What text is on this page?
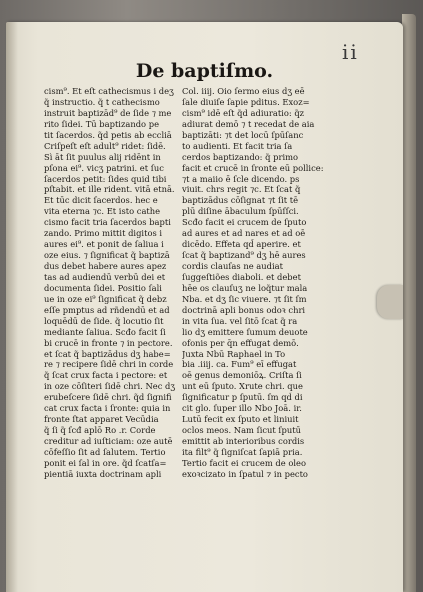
ii
De baptiſmo.
cism⁹. Et eſt cathecismus i deʒ
q̃ instructio. q̃ t cathecismo
instruit baptizād⁹ de ſide ⁊ me
rito ſidei. Tū baptizando pe
tit ſacerdos. q̃d petis ab eccliā
Criſpeſt eſt adult⁹ ridet: ſidē.
Sì āt ſit puulus alij ridēnt in
pſona ei⁹. vicʒ patrini. et ſuc
ſacerdos petit: ſides quid tibi
pſtabit. et ille rident. vitā etnā.
Et tūc dicit ſacerdos. hec e
vita eterna ⁊c. Et isto cathe
cismo facit tria ſacerdos bapti
zando. Primo mittit digitos i
aures ei⁹. et ponit de ſaliua i
oze eius. ⁊ ſignificat q̃ baptizā
dus debet habere aures apez
tas ad audiendū verbū dei et
documenta ſidei. Positio ſali
ue in oze ei⁹ ſignificat q̃ debz
eſſe pmptus ad rñdendū et ad
loquēdū de ſide. q̃ locutio ſit
mediante ſaliua. Scđo facit ſi
bi crucē in fronte ⁊ in pectore.
et ſcat q̃ baptizādus dʒ habe=
re ⁊ recipere ſidē chri in corde
q̃ ſcat crux facta i pectore: et
in oze cōſiteri ſidē chri. Nec dʒ
erubeſcere ſidē chri. q̃d ſignifi
cat crux facta i ſronte: quia in
fronte ſtat apparet Vecūdia
q̃ ſi q̃ ſcđ aplō Ro .r. Corde
creditur ad iuſticiam: oze autē
cōfeſſio ſit ad ſalutem. Tertio
ponit ei ſal in ore. q̃d ſcatſa=
pientiā iuxta doctrinam apli
Col. iiij. Oio ſermo eius dʒ eē
ſale diuiſe ſapie pditus. Exoz=
cism⁹ idē eſt q̃d adiuratio: q̃z
adiurat demō ⁊ t recedat de aia
baptizāti: ⁊t det locū ſpūſanc
to audienti. Et facit tria ſa
cerdos baptizando: q̃ primo
facit et crucē in ſronte eū pollice:
⁊t a maiio ē ſcle dicendo. ps
viuit. chrs regit ⁊c. Et ſcat q̃
baptizādus cōſignat ⁊t ſit tē
plū diſine ābaculum ſpūſſci.
Scđo facit ei crucem de ſputo
ad aures et ad nares et ad oē
dicēdo. Effeta qd̃ aperire. et
ſcat q̃ baptizand⁹ dʒ hē aures
cordis clauſas ne audiat
ſuggeſtiões diaboli. et debet
hēe os clauſuʒ ne loq̃tur mala
Nba. et dʒ ſic viuere. ⁊t ſit ſm
doctrinā apli bonus odoꝛ chri
in vita ſua. vel ſitō ſcat q̃ ra
lio dʒ emittere ſumum deuote
ofonis per q̄n effugat demō.
Juxta Nbū Raphael in To
bia .iiij. ca. Fum⁹ eī effugat
oē genus demoniōꝝ. Criſta ſi
unt eū ſputo. Xrute chri. que
ſignificatur p ſputū. ſm qd̄ di
cit glo. ſuper illo Nbo Joā. ir.
Lutū fecit ex ſputo et liniuit
oclos meos. Nam ſicut ſputū
emittit ab interioribus cordis
ita filt⁹ q̃ ſigniſcat ſapiā pria.
Tertio facit ei crucem de oleo
exoꝛcizato in ſpatul ⁊ in pecto
